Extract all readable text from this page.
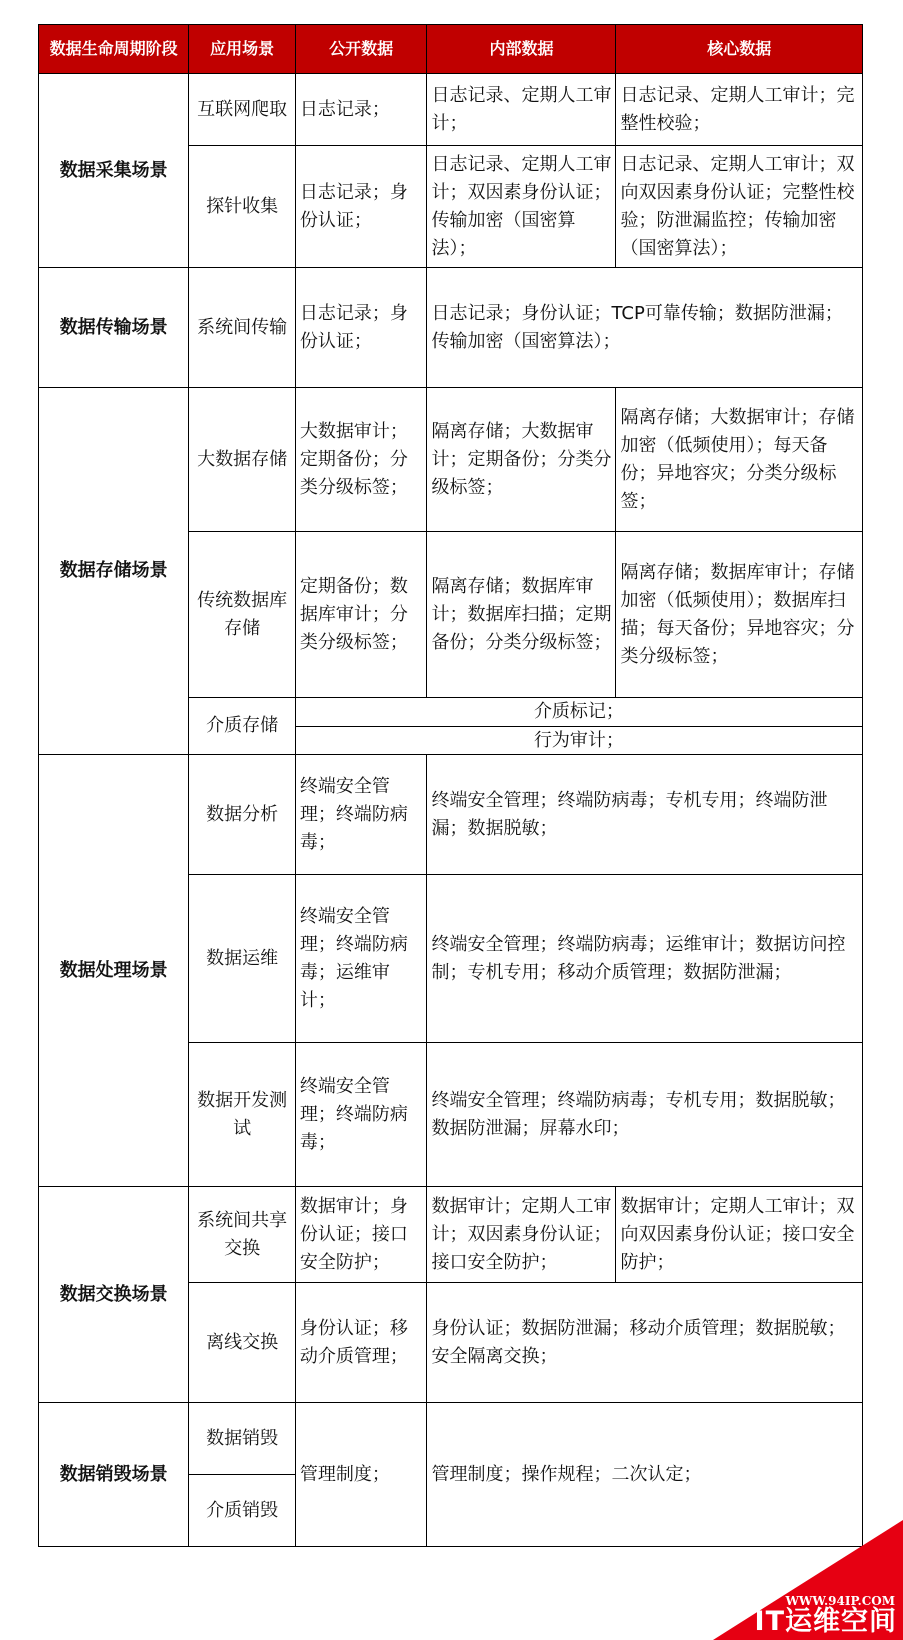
数据生命周期阶段	应用场景	公开数据	内部数据	核心数据
数据采集场景	互联网爬取	日志记录；	日志记录、定期人工审计；	日志记录、定期人工审计；完整性校验；
	探针收集	日志记录；身份认证；	日志记录、定期人工审计；双因素身份认证；传输加密（国密算法）；	日志记录、定期人工审计；双向双因素身份认证；完整性校验；防泄漏监控；传输加密（国密算法）；

数据传输场景	系统间传输	日志记录；身份认证；	日志记录；身份认证；TCP可靠传输；数据防泄漏；传输加密（国密算法）；	
数据存储场景	大数据存储	大数据审计；定期备份；分类分级标签；	隔离存储；大数据审计；定期备份；分类分级标签；	隔离存储；大数据审计；存储加密（低频使用）；每天备份；异地容灾；分类分级标签；
	传统数据库存储	定期备份；数据库审计；分类分级标签；	隔离存储；数据库审计；数据库扫描；定期备份；分类分级标签；	隔离存储；数据库审计；存储加密（低频使用）；数据库扫描；每天备份；异地容灾；分类分级标签；
	介质存储	介质标记；		
		行为审计；		
数据处理场景	数据分析	终端安全管理；终端防病毒；	终端安全管理；终端防病毒；专机专用；终端防泄漏；数据脱敏；	
	数据运维	终端安全管理；终端防病毒；运维审计；	终端安全管理；终端防病毒；运维审计；数据访问控制；专机专用；移动介质管理；数据防泄漏；	
	数据开发测试	终端安全管理；终端防病毒；	终端安全管理；终端防病毒；专机专用；数据脱敏；数据防泄漏；屏幕水印；	
数据交换场景	系统间共享交换	数据审计；身份认证；接口安全防护；	数据审计；定期人工审计；双因素身份认证；接口安全防护；	数据审计；定期人工审计；双向双因素身份认证；接口安全防护；
	离线交换	身份认证；移动介质管理；	身份认证；数据防泄漏；移动介质管理；数据脱敏；安全隔离交换；	
数据销毁场景	数据销毁	管理制度；	管理制度；操作规程；二次认定；	
	介质销毁			
WWW.94IP.COM
IT运维空间
